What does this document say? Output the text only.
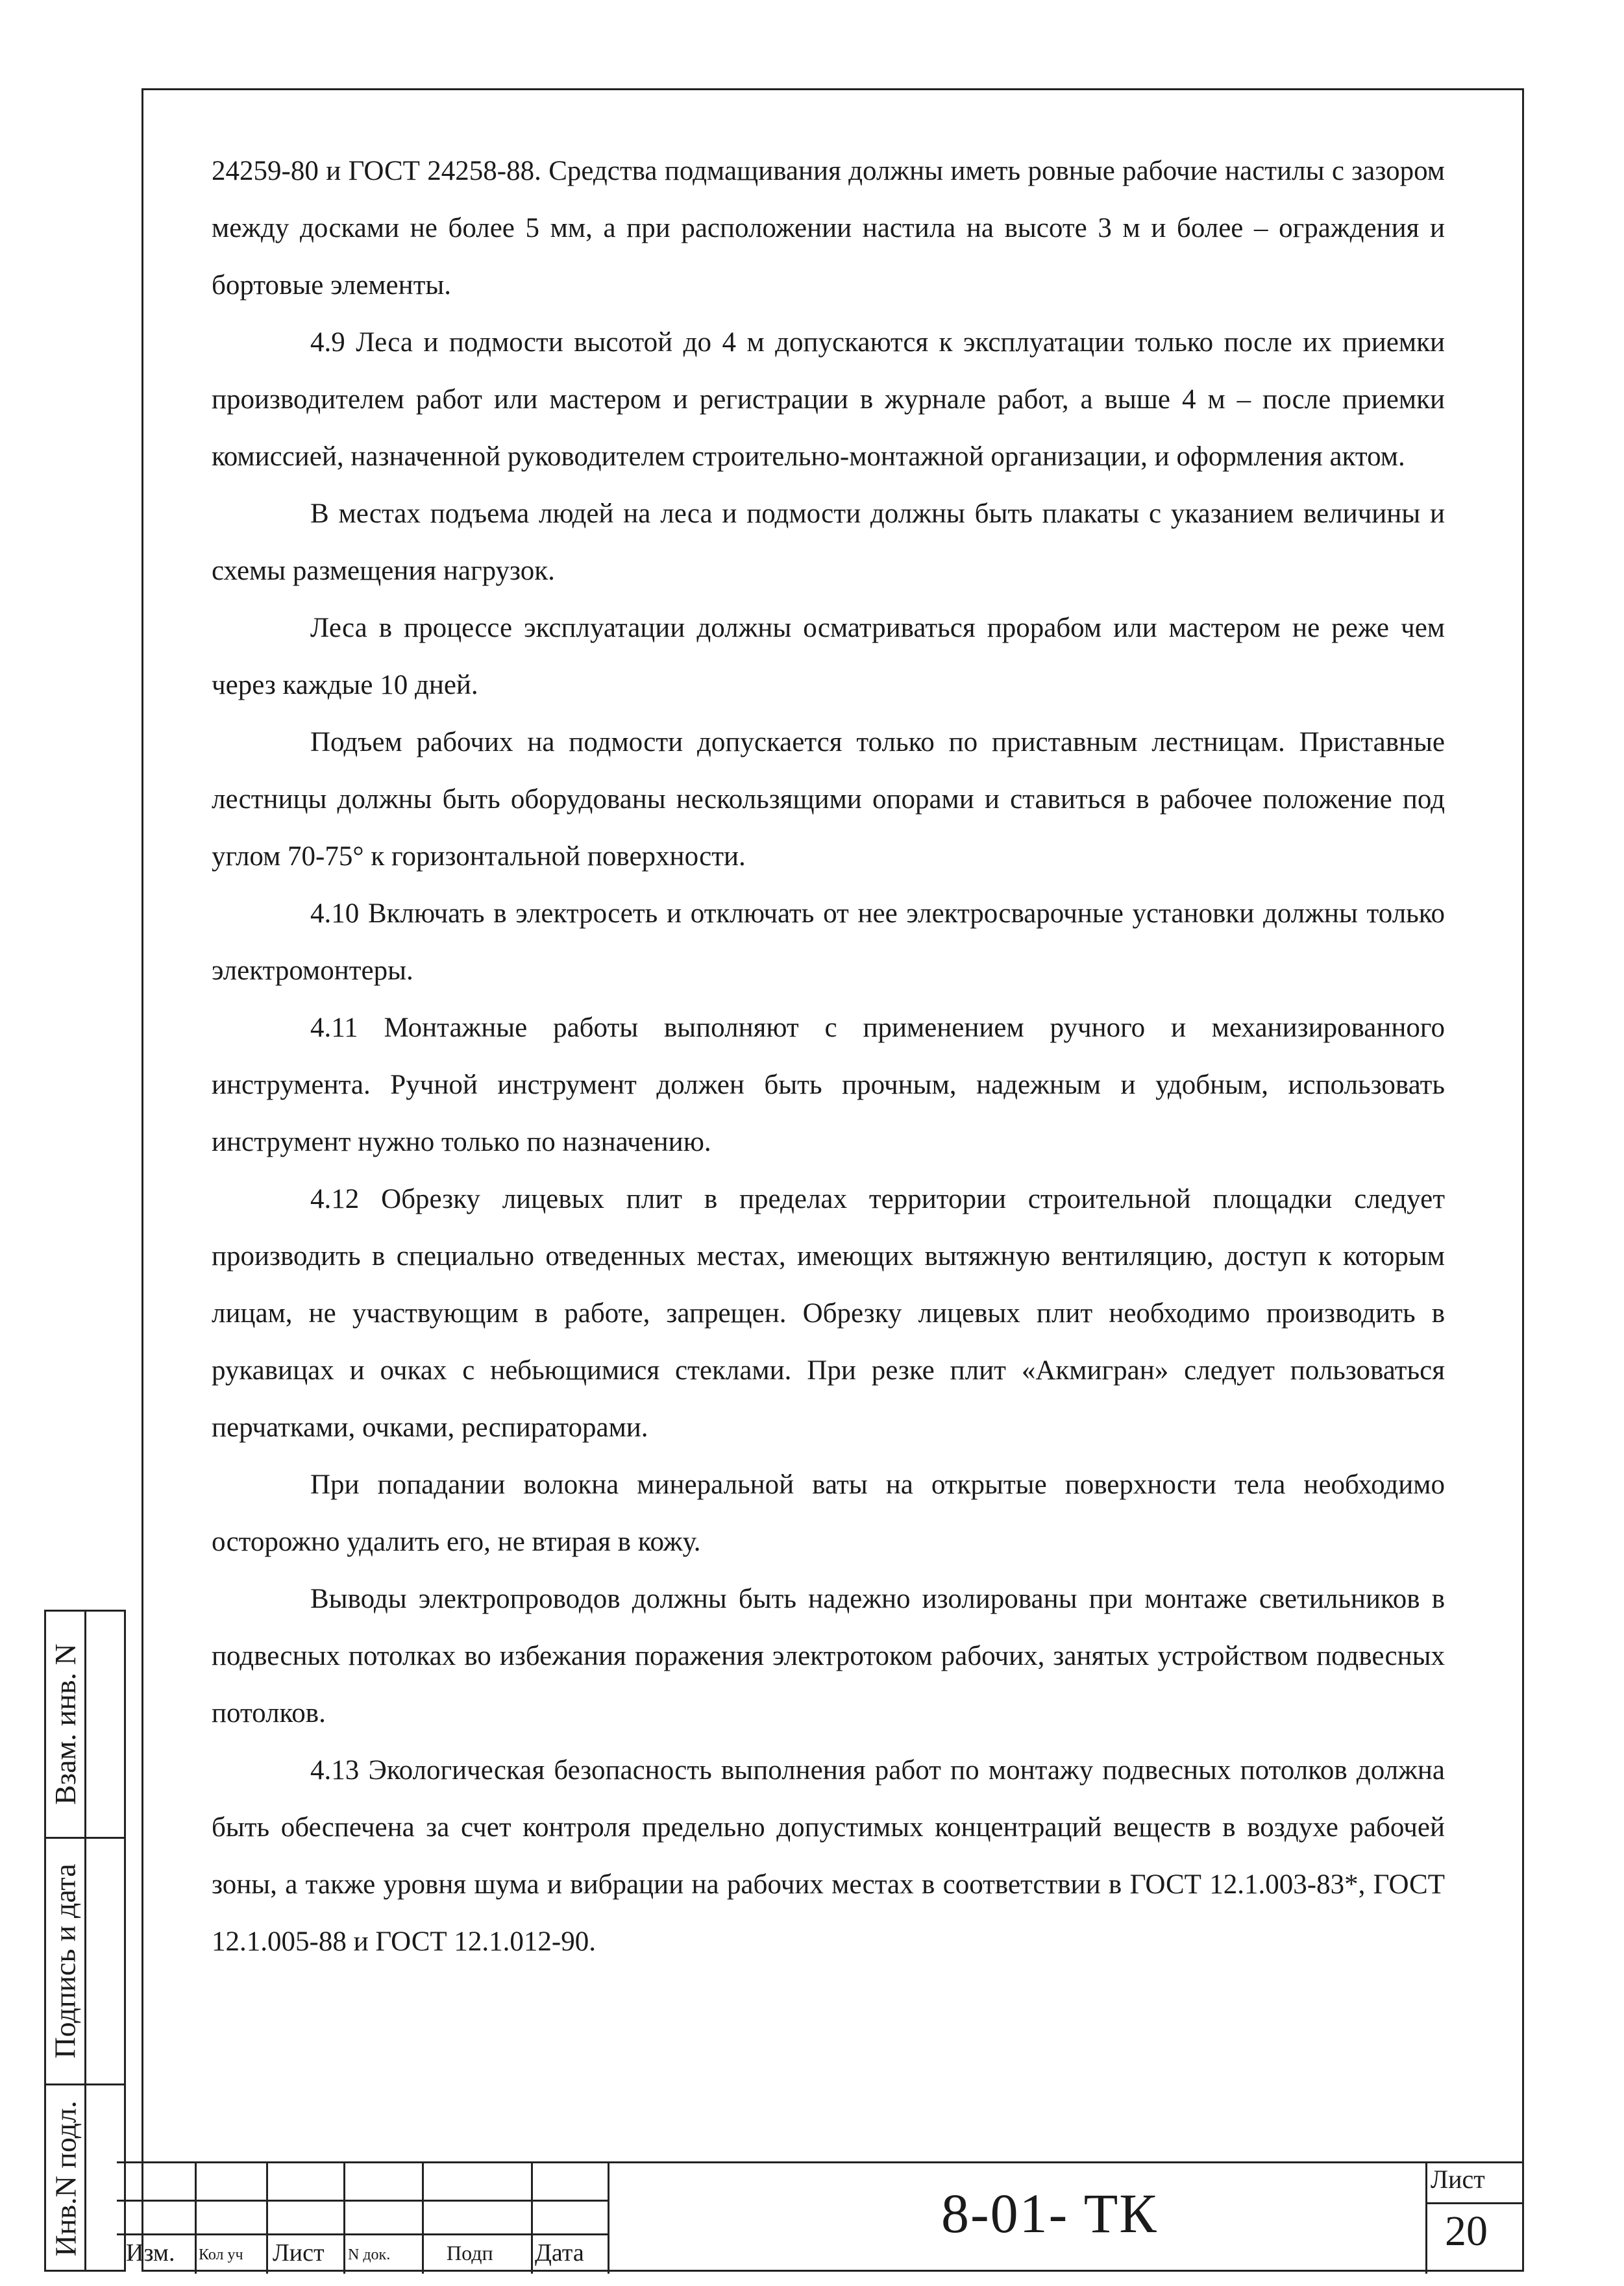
24259-80 и ГОСТ 24258-88. Средства подмащивания должны иметь ровные рабочие настилы с зазором между досками не более 5 мм, а при расположении настила на высоте 3 м и более – ограждения и бортовые элементы.

4.9 Леса и подмости высотой до 4 м допускаются к эксплуатации только после их приемки производителем работ или мастером и регистрации в журнале работ, а выше 4 м – после приемки комиссией, назначенной руководителем строительно-монтажной организации, и оформления актом.

В местах подъема людей на леса и подмости должны быть плакаты с указанием величины и схемы размещения нагрузок.

Леса в процессе эксплуатации должны осматриваться прорабом или мастером не реже чем через каждые 10 дней.

Подъем рабочих на подмости допускается только по приставным лестницам. Приставные лестницы должны быть оборудованы нескользящими опорами и ставиться в рабочее положение под углом 70-75° к горизонтальной поверхности.

4.10 Включать в электросеть и отключать от нее электросварочные установки должны только электромонтеры.

4.11 Монтажные работы выполняют с применением ручного и механизированного инструмента. Ручной инструмент должен быть прочным, надежным и удобным, использовать инструмент нужно только по назначению.

4.12 Обрезку лицевых плит в пределах территории строительной площадки следует производить в специально отведенных местах, имеющих вытяжную вентиляцию, доступ к которым лицам, не участвующим в работе, запрещен. Обрезку лицевых плит необходимо производить в рукавицах и очках с небьющимися стеклами. При резке плит «Акмигран» следует пользоваться перчатками, очками, респираторами.

При попадании волокна минеральной ваты на открытые поверхности тела необходимо осторожно удалить его, не втирая в кожу.

Выводы электропроводов должны быть надежно изолированы при монтаже светильников в подвесных потолках во избежания поражения электротоком рабочих, занятых устройством подвесных потолков.

4.13 Экологическая безопасность выполнения работ по монтажу подвесных потолков должна быть обеспечена за счет контроля предельно допустимых концентраций веществ в воздухе рабочей зоны, а также уровня шума и вибрации на рабочих местах в соответствии в ГОСТ 12.1.003-83*, ГОСТ 12.1.005-88 и ГОСТ 12.1.012-90.

Взам. инв. N
Подпись и дата
Инв.N подл. Изм. Кол уч Лист N док.	Подп Дата
8-01- ТК
Лист
20
